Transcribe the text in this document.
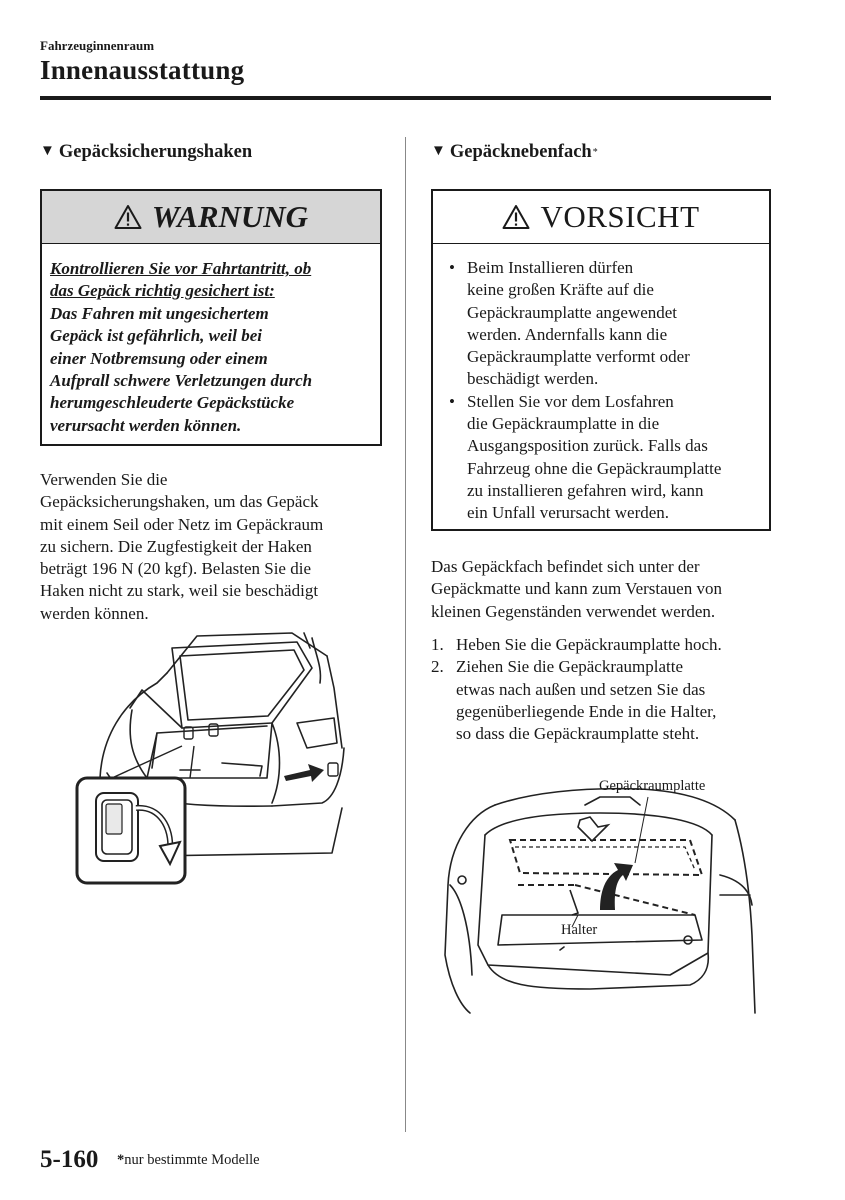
Fahrzeuginnenraum
Innenausstattung
▼ Gepäcksicherungshaken
WARNUNG
Kontrollieren Sie vor Fahrtantritt, ob
das Gepäck richtig gesichert ist:
Das Fahren mit ungesichertem
Gepäck ist gefährlich, weil bei
einer Notbremsung oder einem
Aufprall schwere Verletzungen durch
herumgeschleuderte Gepäckstücke
verursacht werden können.
Verwenden Sie die
Gepäcksicherungshaken, um das Gepäck
mit einem Seil oder Netz im Gepäckraum
zu sichern. Die Zugfestigkeit der Haken
beträgt 196 N (20 kgf). Belasten Sie die
Haken nicht zu stark, weil sie beschädigt
werden können.
▼ Gepäcknebenfach *
VORSICHT
• Beim Installieren dürfen
keine großen Kräfte auf die
Gepäckraumplatte angewendet
werden. Andernfalls kann die
Gepäckraumplatte verformt oder
beschädigt werden.
• Stellen Sie vor dem Losfahren
die Gepäckraumplatte in die
Ausgangsposition zurück. Falls das
Fahrzeug ohne die Gepäckraumplatte
zu installieren gefahren wird, kann
ein Unfall verursacht werden.
Das Gepäckfach befindet sich unter der
Gepäckmatte und kann zum Verstauen von
kleinen Gegenständen verwendet werden.
1. Heben Sie die Gepäckraumplatte hoch.
2. Ziehen Sie die Gepäckraumplatte
etwas nach außen und setzen Sie das
gegenüberliegende Ende in die Halter,
so dass die Gepäckraumplatte steht.
Gepäckraumplatte
Halter
5-160 *nur bestimmte Modelle
